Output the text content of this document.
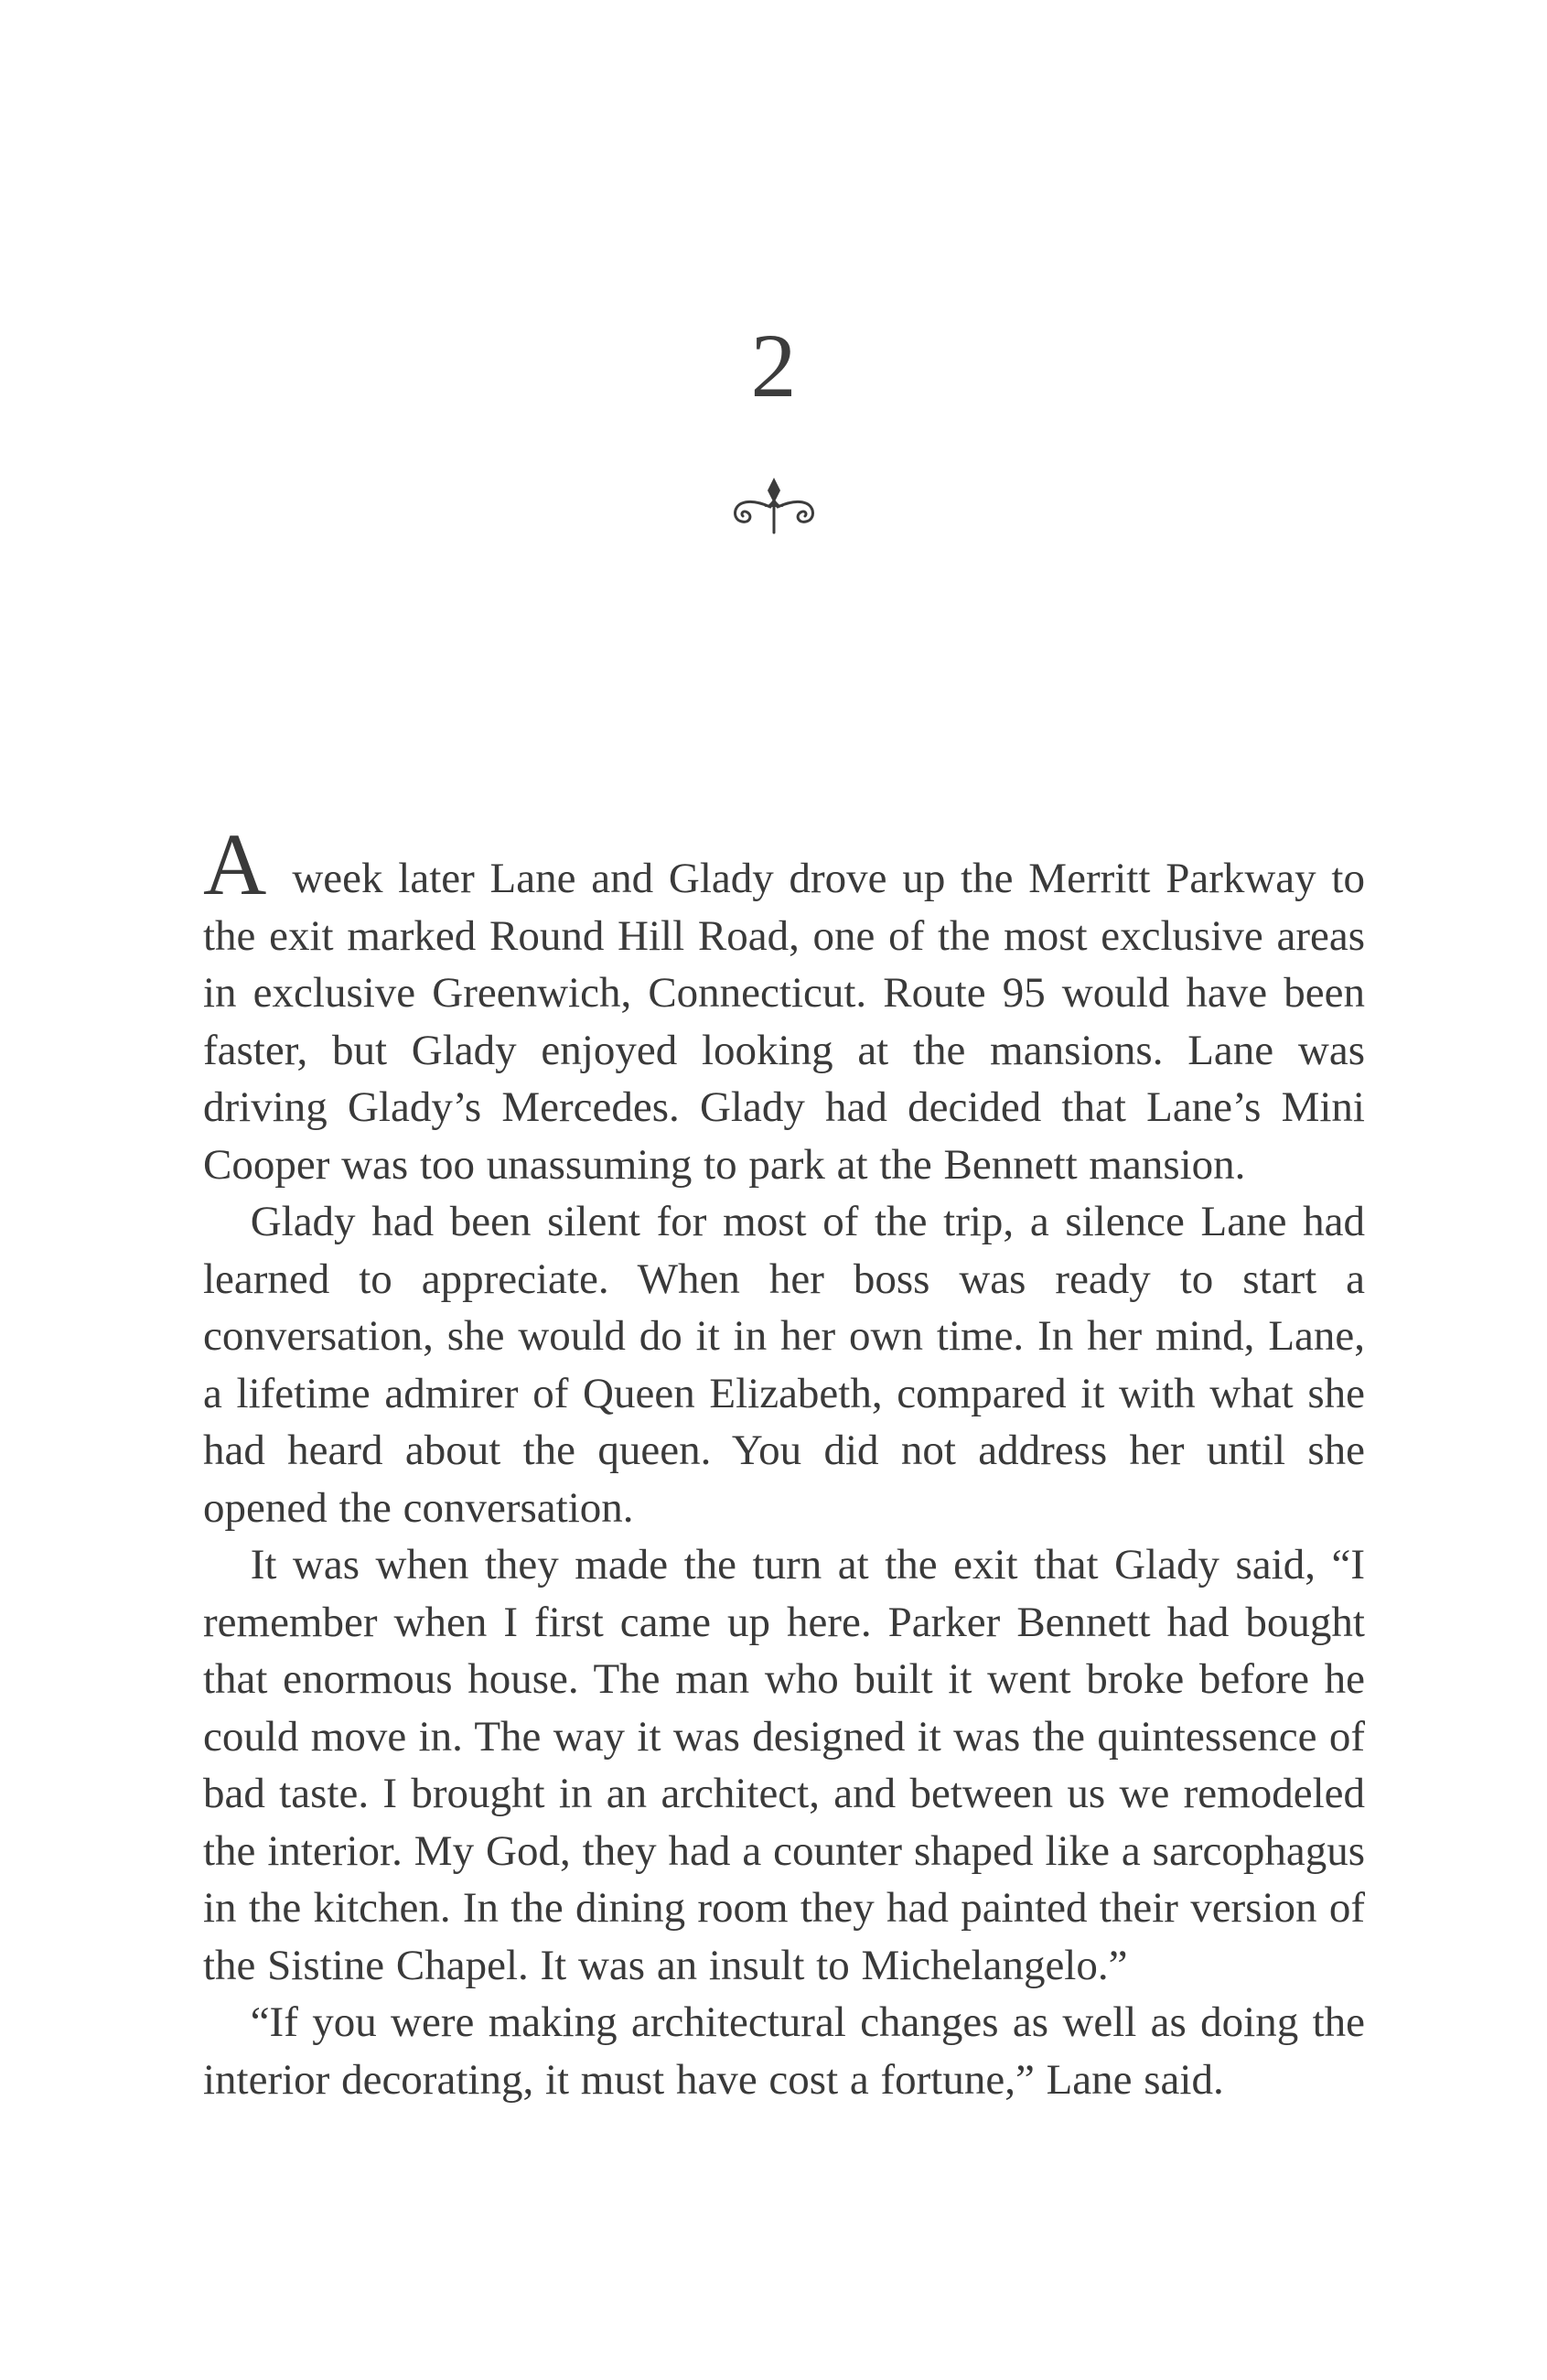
2

Aweek later Lane and Glady drove up the Merritt Parkway to the exit marked Round Hill Road, one of the most exclusive areas in exclusive Greenwich, Connecticut. Route 95 would have been faster, but Glady enjoyed looking at the mansions. Lane was driving Glady’s Mercedes. Glady had decided that Lane’s Mini Cooper was too unassuming to park at the Bennett mansion.

Glady had been silent for most of the trip, a silence Lane had learned to appreciate. When her boss was ready to start a conversation, she would do it in her own time. In her mind, Lane, a lifetime admirer of Queen Elizabeth, compared it with what she had heard about the queen. You did not address her until she opened the conversation.

It was when they made the turn at the exit that Glady said, “I remember when I first came up here. Parker Bennett had bought that enormous house. The man who built it went broke before he could move in. The way it was designed it was the quintessence of bad taste. I brought in an architect, and between us we remodeled the interior. My God, they had a counter shaped like a sarcophagus in the kitchen. In the dining room they had painted their version of the Sistine Chapel. It was an insult to Michelangelo.”

“If you were making architectural changes as well as doing the interior decorating, it must have cost a fortune,” Lane said.
